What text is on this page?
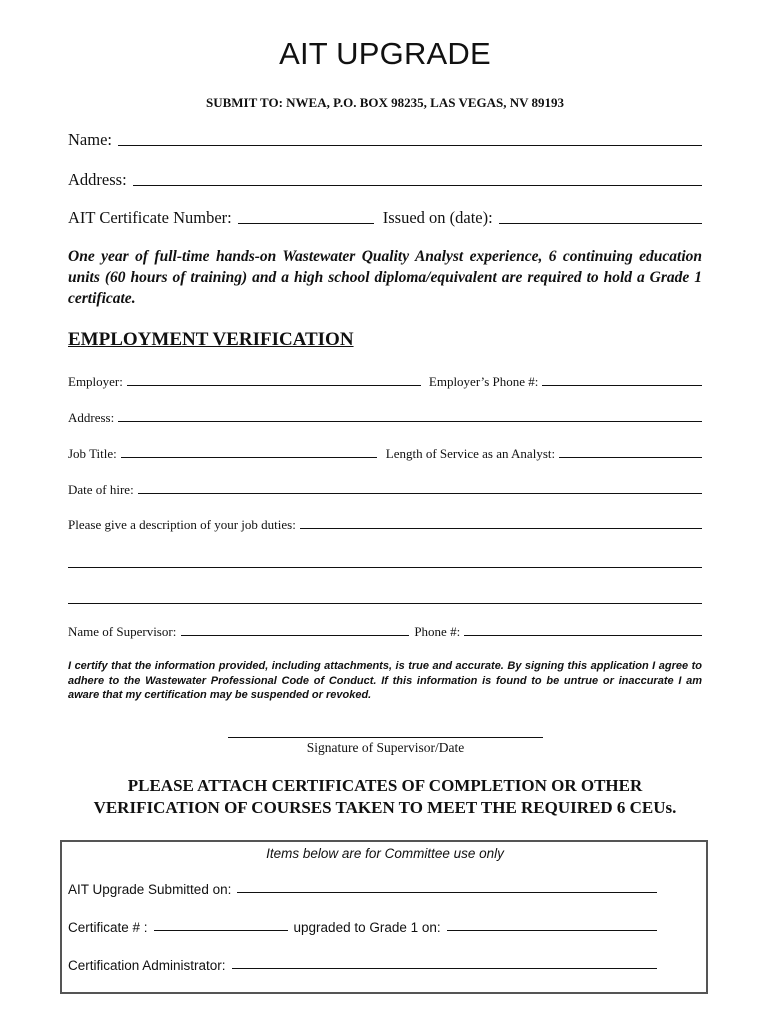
AIT UPGRADE
SUBMIT TO: NWEA, P.O. BOX 98235, LAS VEGAS, NV 89193
Name:
Address:
AIT Certificate Number:	Issued on (date):
One year of full-time hands-on Wastewater Quality Analyst experience, 6 continuing education units (60 hours of training) and a high school diploma/equivalent are required to hold a Grade 1 certificate.
EMPLOYMENT VERIFICATION
Employer:	Employer’s Phone #:
Address:
Job Title:	Length of Service as an Analyst:
Date of hire:
Please give a description of your job duties:
Name of Supervisor:	Phone #:
I certify that the information provided, including attachments, is true and accurate. By signing this application I agree to adhere to the Wastewater Professional Code of Conduct. If this information is found to be untrue or inaccurate I am aware that my certification may be suspended or revoked.
Signature of Supervisor/Date
PLEASE ATTACH CERTIFICATES OF COMPLETION OR OTHER
VERIFICATION OF COURSES TAKEN TO MEET THE REQUIRED 6 CEUs.
Items below are for Committee use only
AIT Upgrade Submitted on:
Certificate # :	upgraded to Grade 1 on:
Certification Administrator:
